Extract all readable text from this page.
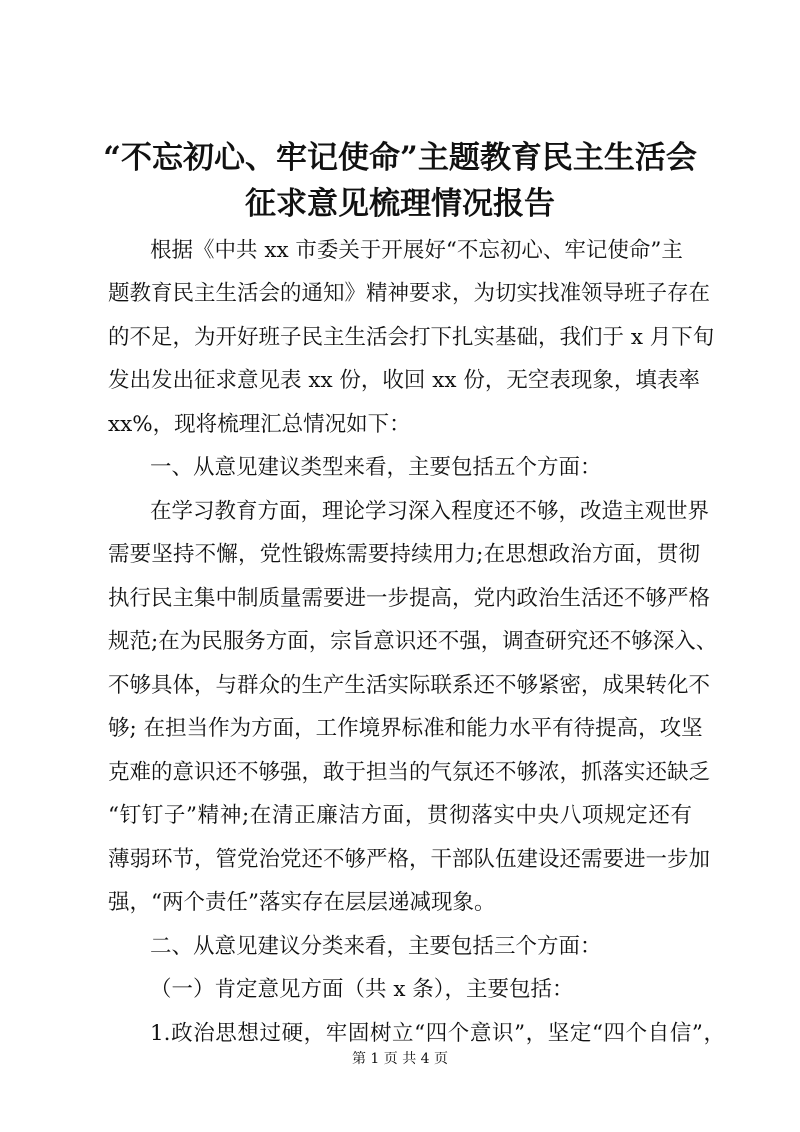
“不忘初心、牢记使命”主题教育民主生活会
征求意见梳理情况报告
根据《中共 xx 市委关于开展好“不忘初心、牢记使命”主
题教育民主生活会的通知》精神要求，为切实找准领导班子存在
的不足，为开好班子民主生活会打下扎实基础，我们于 x 月下旬
发出发出征求意见表 xx 份，收回 xx 份，无空表现象，填表率
xx%，现将梳理汇总情况如下：
一、从意见建议类型来看，主要包括五个方面：
在学习教育方面，理论学习深入程度还不够，改造主观世界
需要坚持不懈，党性锻炼需要持续用力;在思想政治方面，贯彻
执行民主集中制质量需要进一步提高，党内政治生活还不够严格
规范;在为民服务方面，宗旨意识还不强，调查研究还不够深入、
不够具体，与群众的生产生活实际联系还不够紧密，成果转化不
够; 在担当作为方面，工作境界标准和能力水平有待提高，攻坚
克难的意识还不够强，敢于担当的气氛还不够浓，抓落实还缺乏
“钉钉子”精神;在清正廉洁方面，贯彻落实中央八项规定还有
薄弱环节，管党治党还不够严格，干部队伍建设还需要进一步加
强，“两个责任”落实存在层层递减现象。
二、从意见建议分类来看，主要包括三个方面：
（一）肯定意见方面（共 x 条），主要包括：
1.政治思想过硬，牢固树立“四个意识”，坚定“四个自信”，
第 1 页 共 4 页
